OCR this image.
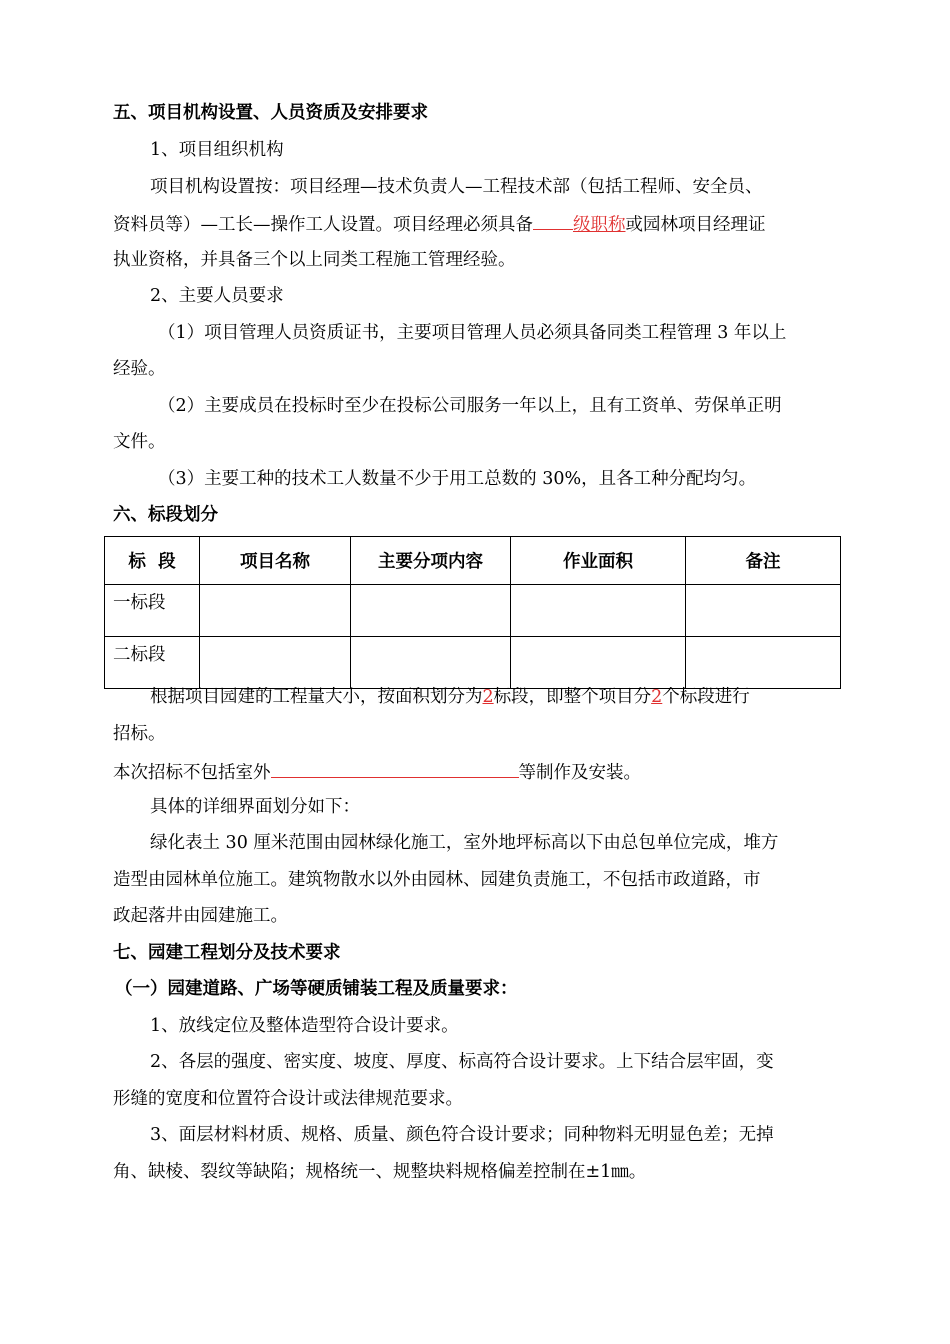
五、项目机构设置、人员资质及安排要求
1、项目组织机构
项目机构设置按：项目经理—技术负责人—工程技术部（包括工程师、安全员、
资料员等）—工长—操作工人设置。项目经理必须具备 级职称或园林项目经理证
执业资格，并具备三个以上同类工程施工管理经验。
2、主要人员要求
（1）项目管理人员资质证书，主要项目管理人员必须具备同类工程管理 3 年以上
经验。
（2）主要成员在投标时至少在投标公司服务一年以上，且有工资单、劳保单正明
文件。
（3）主要工种的技术工人数量不少于用工总数的 30%，且各工种分配均匀。
六、标段划分
标  段	项目名称	主要分项内容	作业面积	备注
一标段				
二标段				
根据项目园建的工程量大小，按面积划分为2标段，即整个项目分2个标段进行
招标。
本次招标不包括室外	等制作及安装。
具体的详细界面划分如下：
绿化表土 30 厘米范围由园林绿化施工，室外地坪标高以下由总包单位完成，堆方
造型由园林单位施工。建筑物散水以外由园林、园建负责施工，不包括市政道路，市
政起落井由园建施工。
七、园建工程划分及技术要求
（一）园建道路、广场等硬质铺装工程及质量要求：
1、放线定位及整体造型符合设计要求。
2、各层的强度、密实度、坡度、厚度、标高符合设计要求。上下结合层牢固，变
形缝的宽度和位置符合设计或法律规范要求。
3、面层材料材质、规格、质量、颜色符合设计要求；同种物料无明显色差；无掉
角、缺棱、裂纹等缺陷；规格统一、规整块料规格偏差控制在±1㎜。
